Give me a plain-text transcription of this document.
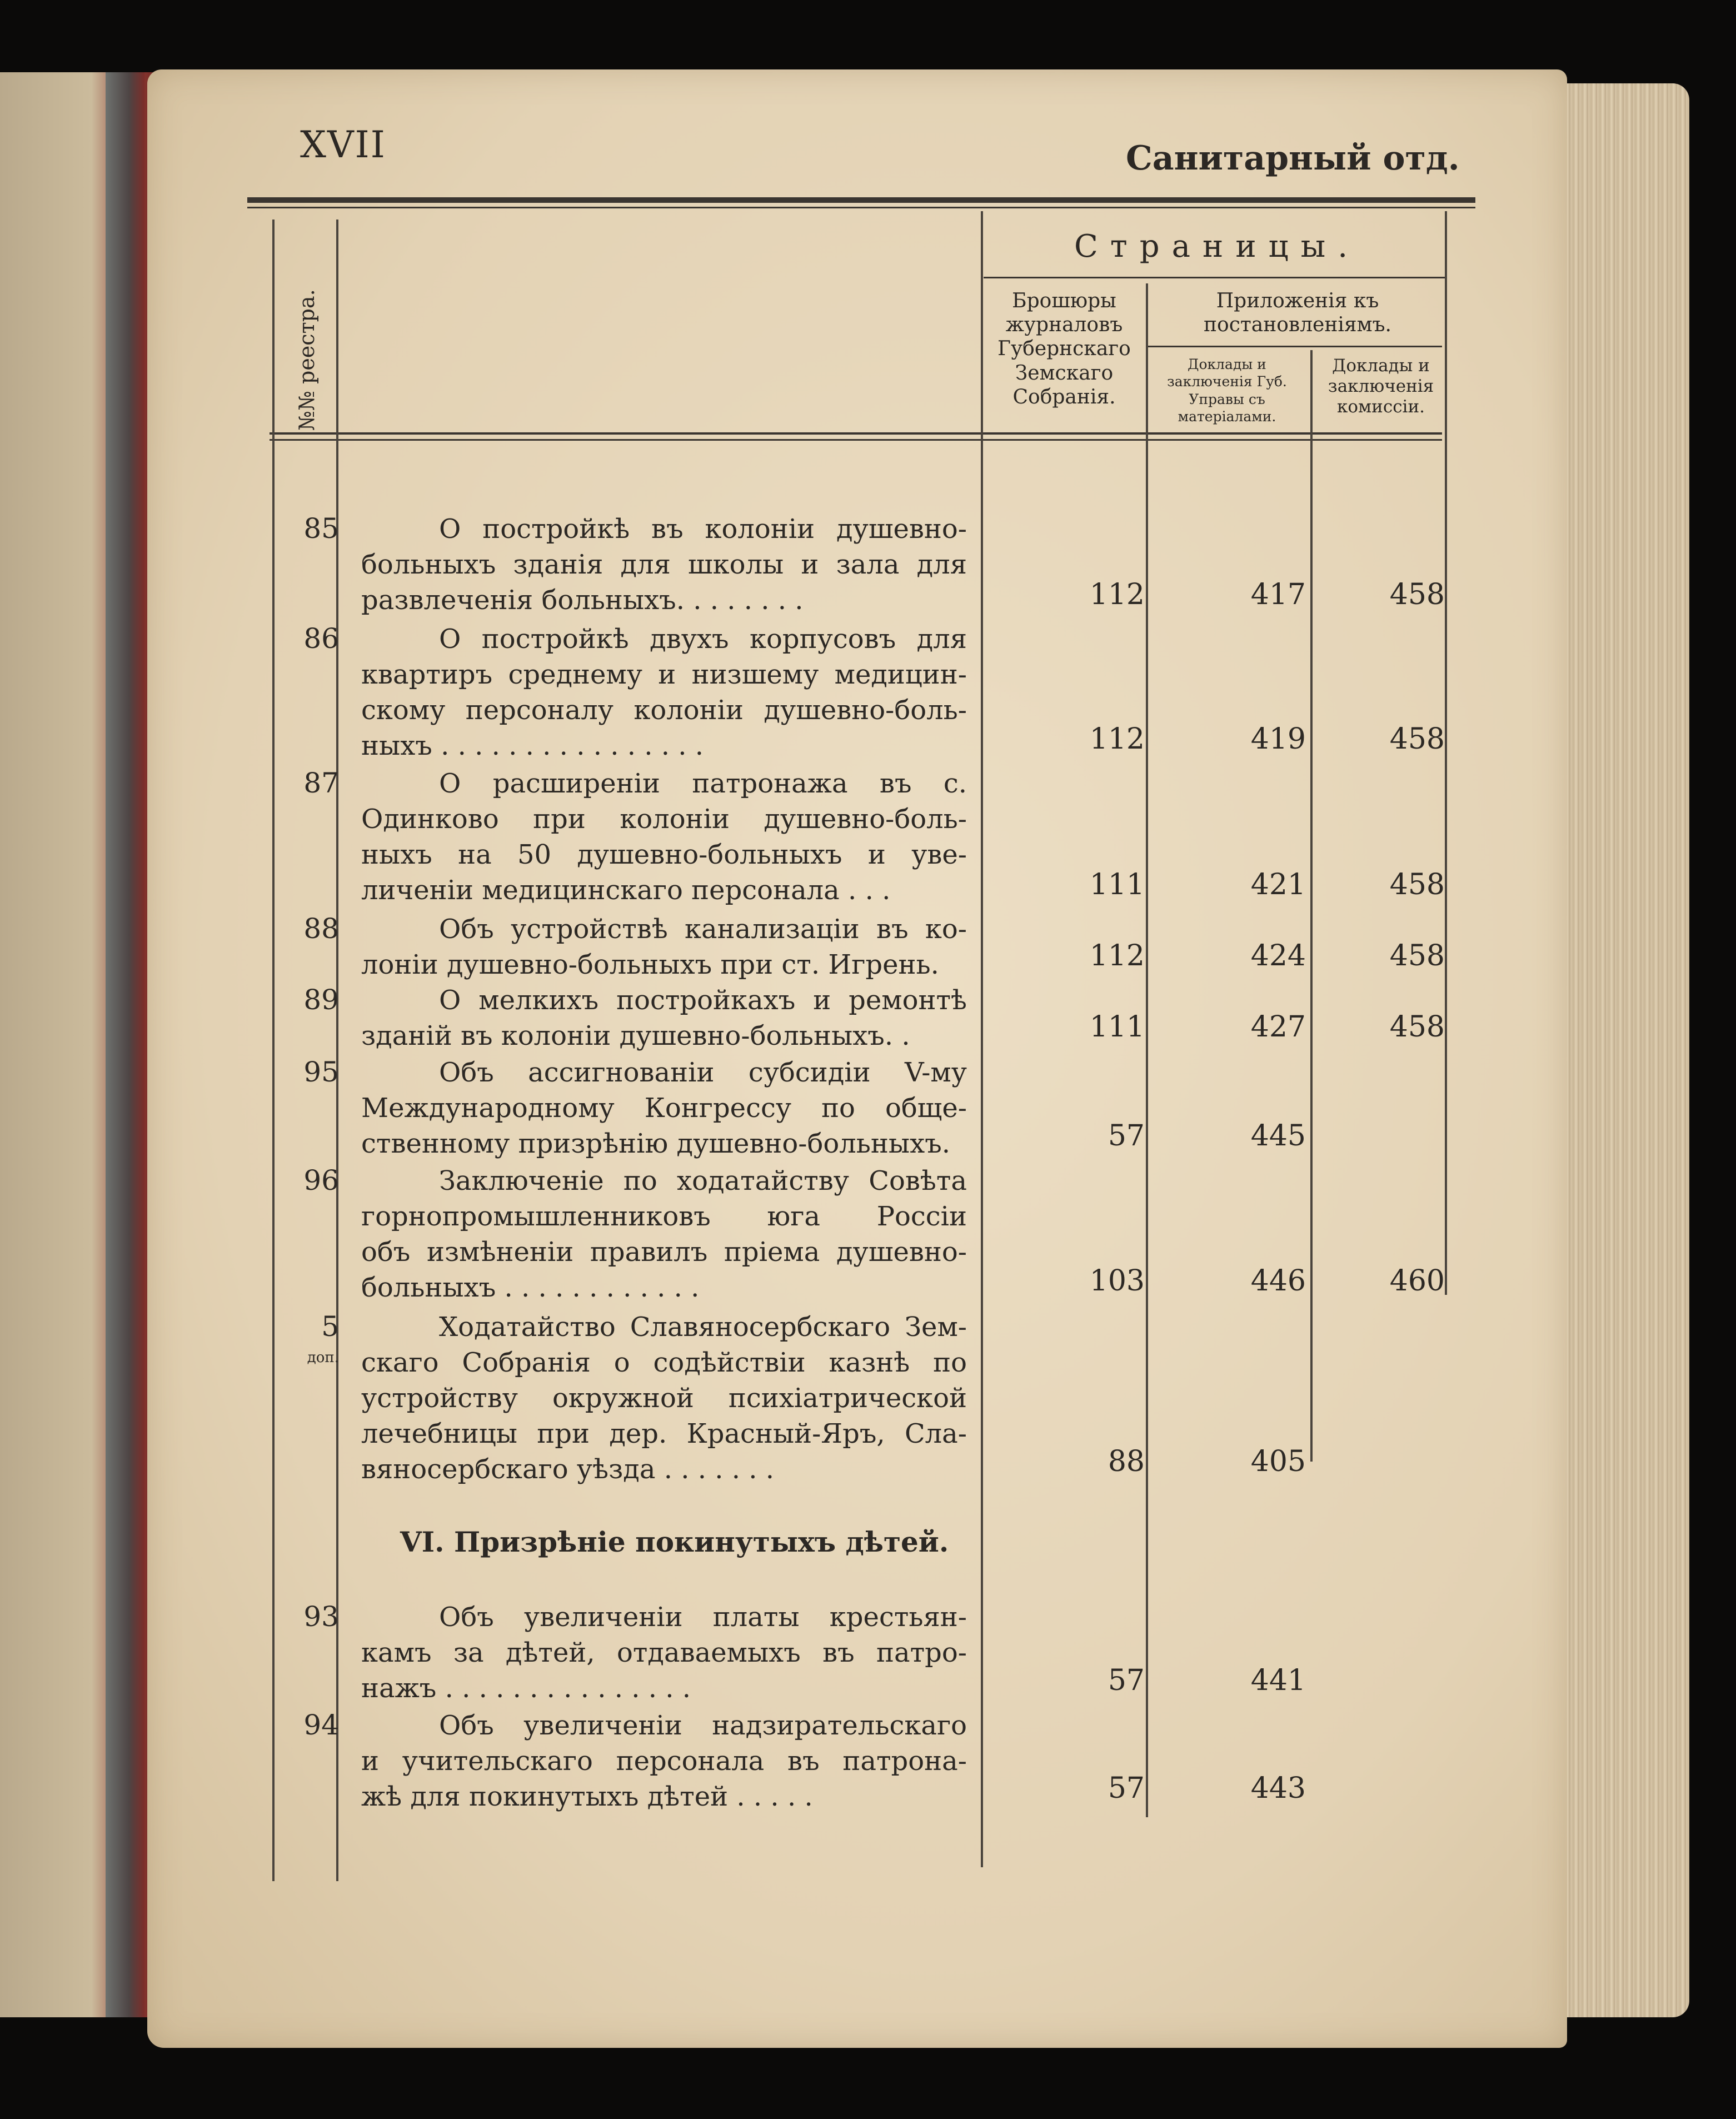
XVII	Санитарный отд.
№№ реестра.
Страницы.
Брошюры журналовъ Губернскаго Земскаго Собранія.
Приложенія къ постановленіямъ.
Доклады и заключенія Губ. Управы съ матеріалами.
Доклады и заключенія комиссіи.
85	О постройкѣ въ колоніи душевно-
больныхъ зданія для школы и зала для
развлеченія больныхъ. . . . . . . .	112	417	458
86	О постройкѣ двухъ корпусовъ для
квартиръ среднему и низшему медицин-
скому персоналу колоніи душевно-боль-
ныхъ . . . . . . . . . . . . . . . .	112	419	458
87	О расширеніи патронажа въ с.
Одинково при колоніи душевно-боль-
ныхъ на 50 душевно-больныхъ и уве-
личеніи медицинскаго персонала . . .	111	421	458
88	Объ устройствѣ канализаціи въ ко-
лоніи душевно-больныхъ при ст. Игрень.	112	424	458
89	О мелкихъ постройкахъ и ремонтѣ
зданій въ колоніи душевно-больныхъ. .	111	427	458
95	Объ ассигнованіи субсидіи V-му
Международному Конгрессу по обще-
ственному призрѣнію душевно-больныхъ.	57	445
96	Заключеніе по ходатайству Совѣта
горнопромышленниковъ юга Россіи
объ измѣненіи правилъ пріема душевно-
больныхъ . . . . . . . . . . . .	103	446	460
5
доп.
Ходатайство Славяносербскаго Зем-
скаго Собранія о содѣйствіи казнѣ по
устройству окружной психіатрической
лечебницы при дер. Красный-Яръ, Сла-
вяносербскаго уѣзда . . . . . . .	88	405
VI. Призрѣніе покинутыхъ дѣтей.
93	Объ увеличеніи платы крестьян-
камъ за дѣтей, отдаваемыхъ въ патро-
нажъ . . . . . . . . . . . . . . .	57	441
94	Объ увеличеніи надзирательскаго
и учительскаго персонала въ патрона-
жѣ для покинутыхъ дѣтей . . . . .	57	443
